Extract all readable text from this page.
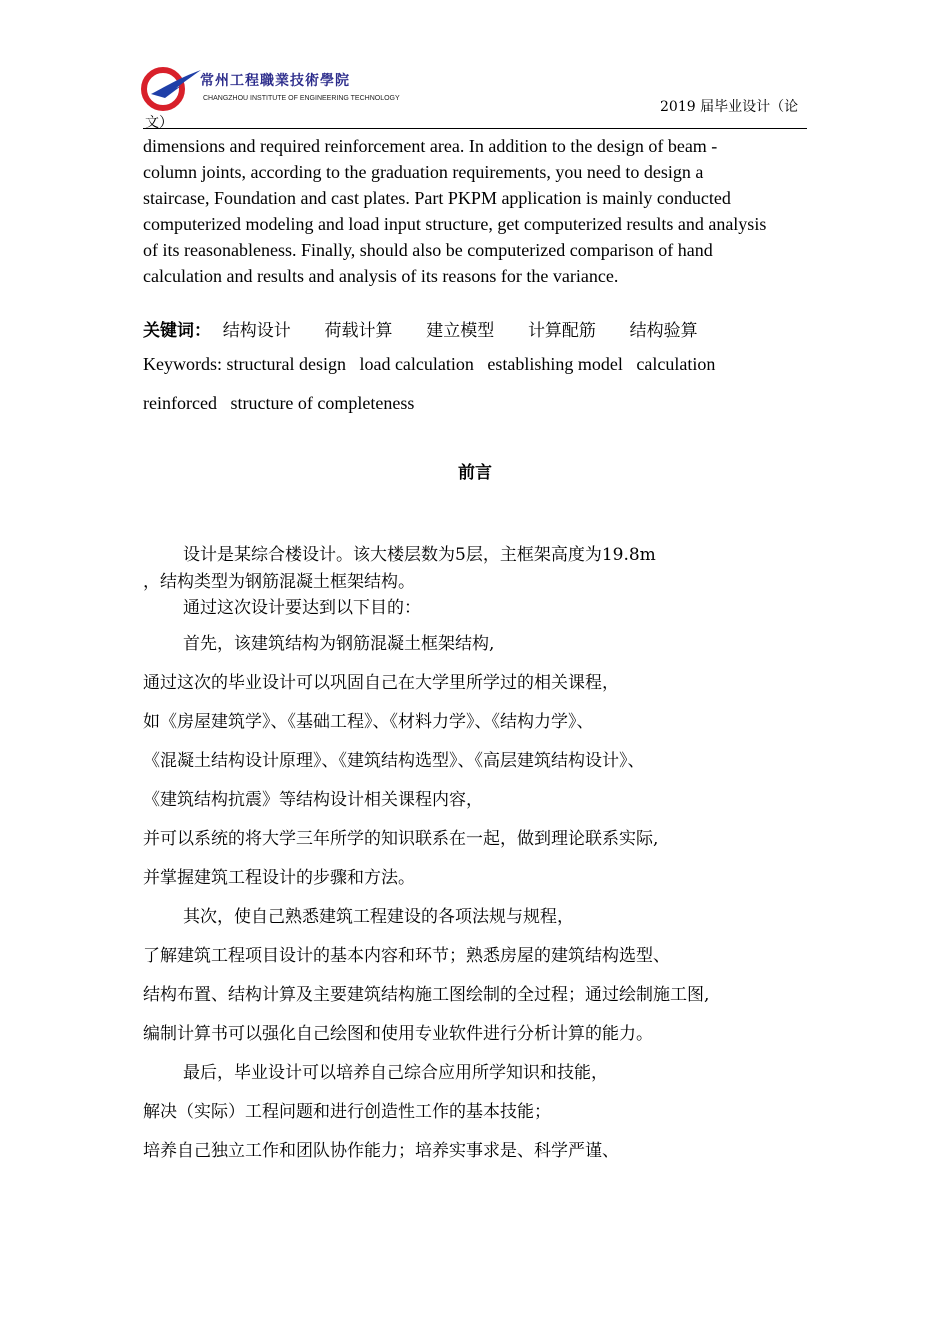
常州工程職業技術學院
CHANGZHOU INSTITUTE OF ENGINEERING TECHNOLOGY
2019 届毕业设计（论
文）
dimensions and required reinforcement area. In addition to the design of beam -
column joints, according to the graduation requirements, you need to design a
staircase, Foundation and cast plates. Part PKPM application is mainly conducted
computerized modeling and load input structure, get computerized results and analysis
of its reasonableness. Finally, should also be computerized comparison of hand
calculation and results and analysis of its reasons for the variance.
关键词： 结构设计 荷载计算 建立模型 计算配筋 结构验算
Keywords: structural design   load calculation   establishing model   calculation
reinforced   structure of completeness
前言
设计是某综合楼设计。该大楼层数为5层，主框架高度为19.8m
，结构类型为钢筋混凝土框架结构。
通过这次设计要达到以下目的：
首先，该建筑结构为钢筋混凝土框架结构,
通过这次的毕业设计可以巩固自己在大学里所学过的相关课程，
如《房屋建筑学》、《基础工程》、《材料力学》、《结构力学》、
《混凝土结构设计原理》、《建筑结构选型》、《高层建筑结构设计》、
《建筑结构抗震》等结构设计相关课程内容，
并可以系统的将大学三年所学的知识联系在一起，做到理论联系实际,
并掌握建筑工程设计的步骤和方法。
其次，使自己熟悉建筑工程建设的各项法规与规程，
了解建筑工程项目设计的基本内容和环节；熟悉房屋的建筑结构选型、
结构布置、结构计算及主要建筑结构施工图绘制的全过程；通过绘制施工图,
编制计算书可以强化自己绘图和使用专业软件进行分析计算的能力。
最后，毕业设计可以培养自己综合应用所学知识和技能，
解决（实际）工程问题和进行创造性工作的基本技能；
培养自己独立工作和团队协作能力；培养实事求是、科学严谨、
